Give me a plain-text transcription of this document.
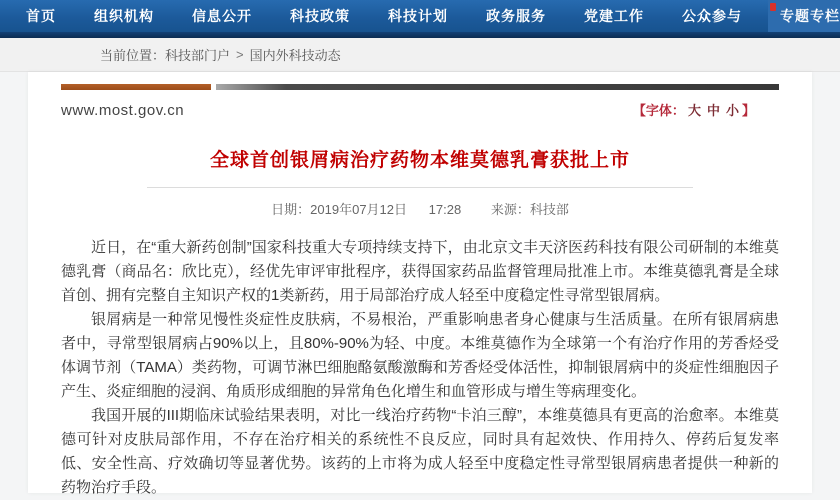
首页	组织机构	信息公开	科技政策	科技计划	政务服务	党建工作	公众参与	专题专栏
当前位置： 科技部门户 > 国内外科技动态
www.most.gov.cn	【字体： 大 中 小 】
全球首创银屑病治疗药物本维莫德乳膏获批上市
日期：2019年07月12日 17:28 来源：科技部

近日，在“重大新药创制”国家科技重大专项持续支持下，由北京文丰天济医药科技有限公司研制的本维莫德乳膏（商品名：欣比克），经优先审评审批程序，获得国家药品监督管理局批准上市。本维莫德乳膏是全球首创、拥有完整自主知识产权的1类新药，用于局部治疗成人轻至中度稳定性寻常型银屑病。

银屑病是一种常见慢性炎症性皮肤病，不易根治，严重影响患者身心健康与生活质量。在所有银屑病患者中，寻常型银屑病占90%以上，且80%-90%为轻、中度。本维莫德作为全球第一个有治疗作用的芳香烃受体调节剂（TAMA）类药物，可调节淋巴细胞酪氨酸激酶和芳香烃受体活性，抑制银屑病中的炎症性细胞因子产生、炎症细胞的浸润、角质形成细胞的异常角色化增生和血管形成与增生等病理变化。

我国开展的III期临床试验结果表明，对比一线治疗药物“卡泊三醇”，本维莫德具有更高的治愈率。本维莫德可针对皮肤局部作用，不存在治疗相关的系统性不良反应，同时具有起效快、作用持久、停药后复发率低、安全性高、疗效确切等显著优势。该药的上市将为成人轻至中度稳定性寻常型银屑病患者提供一种新的药物治疗手段。
